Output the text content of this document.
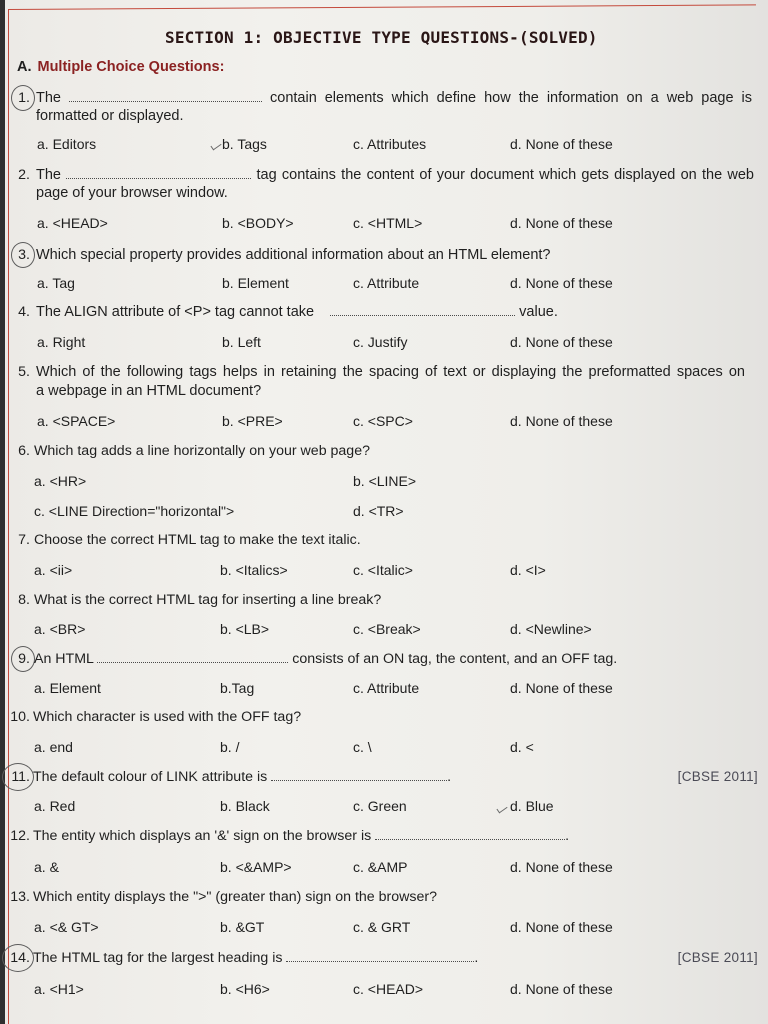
SECTION 1: OBJECTIVE TYPE QUESTIONS-(SOLVED)
A. Multiple Choice Questions:
1. The	contain elements which define how the information on a web page is
formatted or displayed.
a. Editors	b. Tags	c. Attributes	d. None of these
2. The	tag contains the content of your document which gets displayed on the web
page of your browser window.
a. <HEAD>	b. <BODY>	c. <HTML>	d. None of these
3. Which special property provides additional information about an HTML element?
a. Tag	b. Element	c. Attribute	d. None of these
4. The ALIGN attribute of <P> tag cannot take	value.
a. Right	b. Left	c. Justify	d. None of these
5. Which of the following tags helps in retaining the spacing of text or displaying the preformatted spaces on
a webpage in an HTML document?
a. <SPACE>	b. <PRE>	c. <SPC>	d. None of these
6. Which tag adds a line horizontally on your web page?
a. <HR>	b. <LINE>
c. <LINE Direction="horizontal">	d. <TR>
7. Choose the correct HTML tag to make the text italic.
a. <ii>	b. <Italics>	c. <Italic>	d. <I>
8. What is the correct HTML tag for inserting a line break?
a. <BR>	b. <LB>	c. <Break>	d. <Newline>
9. An HTML	consists of an ON tag, the content, and an OFF tag.
a. Element	b.Tag	c. Attribute	d. None of these
10. Which character is used with the OFF tag?
a. end	b. /	c. \	d. <
11. The default colour of LINK attribute is	.	[CBSE 2011]
a. Red	b. Black	c. Green	d. Blue
12. The entity which displays an '&' sign on the browser is	.
a. &	b. <&AMP>	c. &AMP	d. None of these
13. Which entity displays the ">" (greater than) sign on the browser?
a. <& GT>	b. &GT	c. & GRT	d. None of these
14. The HTML tag for the largest heading is	.	[CBSE 2011]
a. <H1>	b. <H6>	c. <HEAD>	d. None of these
